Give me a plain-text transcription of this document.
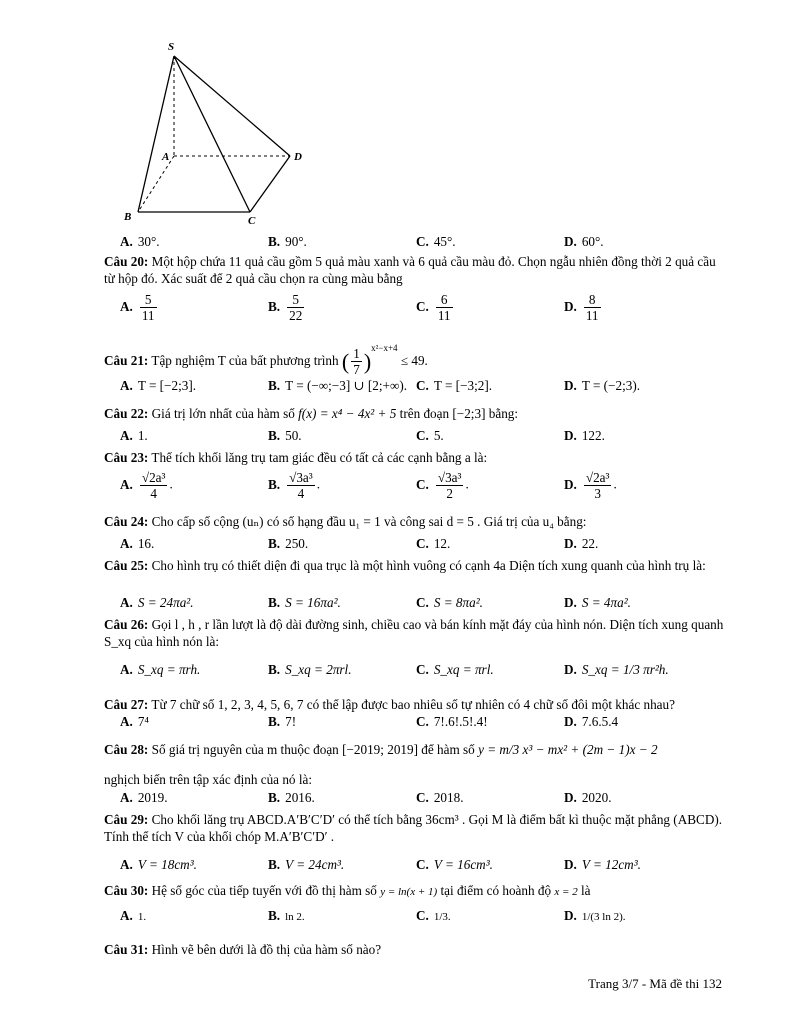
S
A
B	C
D
A. 30°.	B. 90°.	C. 45°.	D. 60°.
Câu 20: Một hộp chứa 11 quả cầu gồm 5 quả màu xanh và 6 quả cầu màu đỏ. Chọn ngẫu nhiên đồng thời 2 quả cầu từ hộp đó. Xác suất để 2 quả cầu chọn ra cùng màu bằng
A. $\frac{5}{11}$	B. $\frac{5}{22}$	C. $\frac{6}{11}$	D. $\frac{8}{11}$
Câu 21: Tập nghiệm T của bất phương trình ( $\frac{1}{7} )^{x^2-x+4} \le 49$.
A. T = [−2;3].	B. T = (−∞;−3] ∪ [2;+∞). C. T = [−3;2].	D. T = (−2;3).
Câu 22: Giá trị lớn nhất của hàm số f(x) = x⁴ − 4x² + 5 trên đoạn [−2;3] bằng:
A. 1.	B. 50.	C. 5.	D. 122.
Câu 23: Thể tích khối lăng trụ tam giác đều có tất cả các cạnh bằng a là:
A. $\frac{\text{√2a³}}{4}$ .	B. $\frac{\text{√3a³}}{4}$ .	C. $\frac{\text{√3a³}}{2}$ .	D. $\frac{\text{√2a³}}{3}$ .
Câu 24: Cho cấp số cộng (uₙ) có số hạng đầu u₁ = 1 và công sai d = 5 . Giá trị của u₄ bằng:
A. 16.	B. 250.	C. 12.	D. 22.
Câu 25: Cho hình trụ có thiết diện đi qua trục là một hình vuông có cạnh 4a Diện tích xung quanh của hình trụ là:
A. S = 24πa².	B. S = 16πa².	C. S = 8πa².	D. S = 4πa².
Câu 26: Gọi l , h , r lần lượt là độ dài đường sinh, chiều cao và bán kính mặt đáy của hình nón. Diện tích xung quanh S_xq của hình nón là:
A. S_xq = πrh.	B. S_xq = 2πrl.	C. S_xq = πrl.	D. S_xq = 1/3 πr²h.
Câu 27: Từ 7 chữ số 1, 2, 3, 4, 5, 6, 7 có thể lập được bao nhiêu số tự nhiên có 4 chữ số đôi một khác nhau?
A. 7⁴	B. 7!	C. 7!.6!.5!.4!	D. 7.6.5.4
Câu 28: Số giá trị nguyên của m thuộc đoạn [−2019; 2019] để hàm số y = m/3 x³ − mx² + (2m − 1)x − 2
nghịch biến trên tập xác định của nó là:
A. 2019.	B. 2016.	C. 2018.	D. 2020.
Câu 29: Cho khối lăng trụ ABCD.A′B′C′D′ có thể tích bằng 36cm³ . Gọi M là điểm bất kì thuộc mặt phẳng (ABCD). Tính thể tích V của khối chóp M.A′B′C′D′ .
A. V = 18cm³.	B. V = 24cm³.	C. V = 16cm³.	D. V = 12cm³.
Câu 30: Hệ số góc của tiếp tuyến với đồ thị hàm số y = ln(x + 1) tại điểm có hoành độ x = 2 là
A. 1.	B. ln 2.	C. 1/3.	D. 1/(3 ln 2).
Câu 31: Hình vẽ bên dưới là đồ thị của hàm số nào?
Trang 3/7 - Mã đề thi 132
